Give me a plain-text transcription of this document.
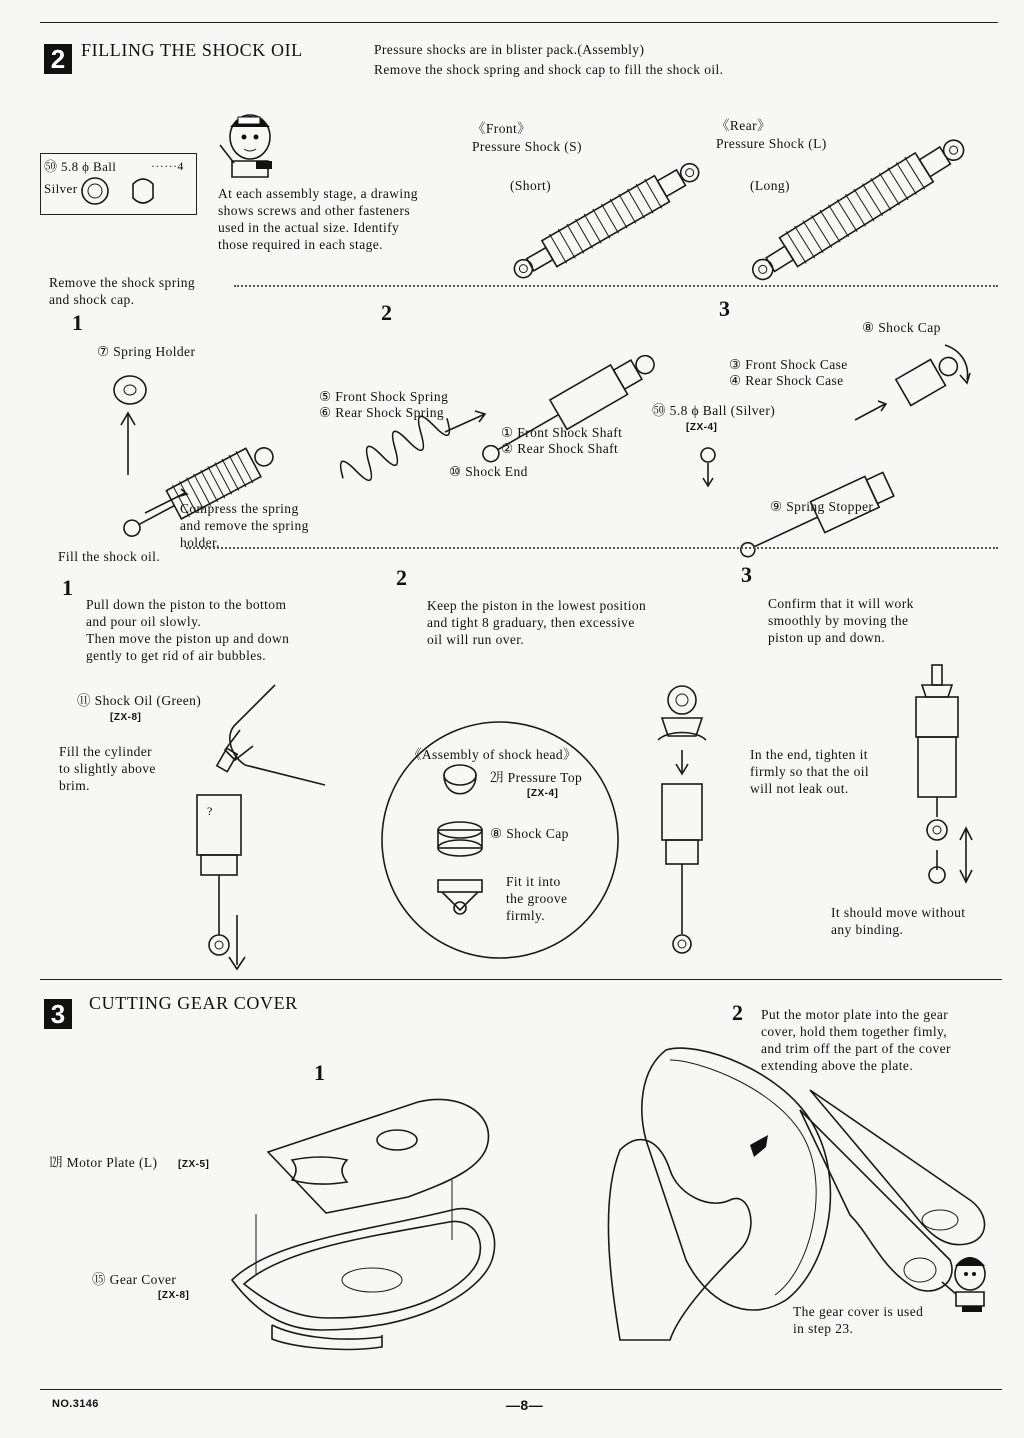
2 FILLING THE SHOCK OIL	Pressure shocks are in blister pack.(Assembly)
Remove the shock spring and shock cap to fill the shock oil.
㊿ 5.8 ϕ Ball	······4
Silver	At each assembly stage, a drawing
shows screws and other fasteners
used in the actual size. Identify
those required in each stage.
《Front》
Pressure Shock (S)
(Short)
《Rear》
Pressure Shock (L)
(Long)
Remove the shock spring
and shock cap.
1	2	3
⑦ Spring Holder
Compress the spring
and remove the spring
holder.
⑤ Front Shock Spring
⑥ Rear Shock Spring
① Front Shock Shaft
② Rear Shock Shaft
⑩ Shock End
⑧ Shock Cap
③ Front Shock Case
④ Rear Shock Case
㊿ 5.8 ϕ Ball (Silver)
[ZX-4]
⑨ Spring Stopper
Fill the shock oil.
1	2	3
Pull down the piston to the bottom
and pour oil slowly.
Then move the piston up and down
gently to get rid of air bubbles.
Keep the piston in the lowest position
and tight 8 graduary, then excessive
oil will run over.
Confirm that it will work
smoothly by moving the
piston up and down.
⑪ Shock Oil (Green)
[ZX-8]
Fill the cylinder
to slightly above
brim.
?
《Assembly of shock head》
㋁ Pressure Top
[ZX-4]
⑧ Shock Cap
Fit it into
the groove
firmly.
In the end, tighten it
firmly so that the oil
will not leak out.
It should move without
any binding.
3	CUTTING GEAR COVER
1
㋋ Motor Plate (L) [ZX-5]
⑮ Gear Cover
[ZX-8]
2 Put the motor plate into the gear
cover, hold them together fimly,
and trim off the part of the cover
extending above the plate.
The gear cover is used
in step 23.
NO.3146	—8—
